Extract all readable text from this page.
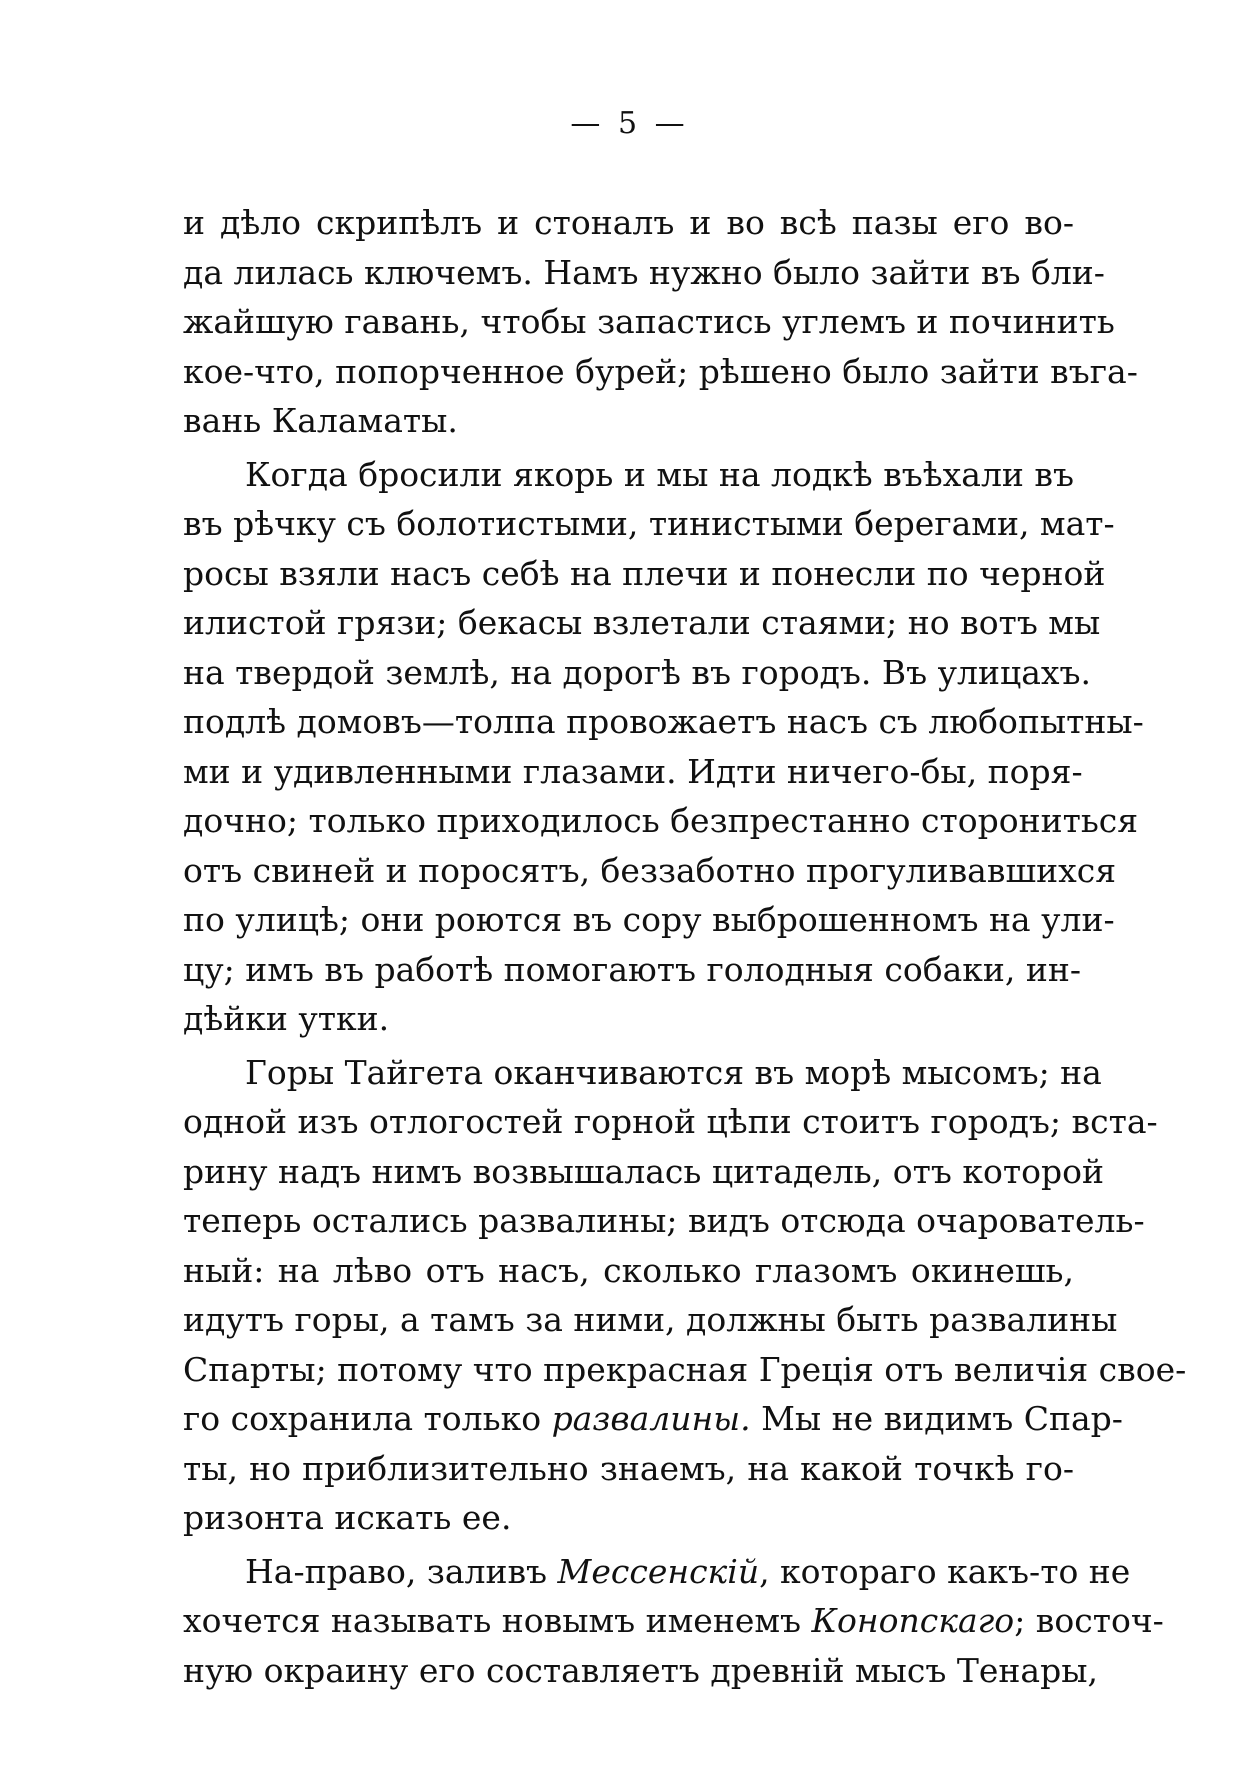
— 5 —
и дѣло скрипѣлъ и стоналъ и во всѣ пазы его во-
да лилась ключемъ. Намъ нужно было зайти въ бли-
жайшую гавань, чтобы запастись углемъ и починить
кое-что, попорченное бурей; рѣшено было зайти въга-
вань Каламаты.
Когда бросили якорь и мы на лодкѣ въѣхали въ
въ рѣчку съ болотистыми, тинистыми берегами, мат-
росы взяли насъ себѣ на плечи и понесли по черной
илистой грязи; бекасы взлетали стаями; но вотъ мы
на твердой землѣ, на дорогѣ въ городъ. Въ улицахъ.
подлѣ домовъ—толпа провожаетъ насъ съ любопытны-
ми и удивленными глазами. Идти ничего-бы, поря-
дочно; только приходилось безпрестанно сторониться
отъ свиней и поросятъ, беззаботно прогуливавшихся
по улицѣ; они роются въ сору выброшенномъ на ули-
цу; имъ въ работѣ помогаютъ голодныя собаки, ин-
дѣйки утки.
Горы Тайгета оканчиваются въ морѣ мысомъ; на
одной изъ отлогостей горной цѣпи стоитъ городъ; вста-
рину надъ нимъ возвышалась цитадель, отъ которой
теперь остались развалины; видъ отсюда очарователь-
ный: на лѣво отъ насъ, сколько глазомъ окинешь,
идутъ горы, а тамъ за ними, должны быть развалины
Спарты; потому что прекрасная Грецiя отъ величiя свое-
го сохранила только развалины. Мы не видимъ Спар-
ты, но приблизительно знаемъ, на какой точкѣ го-
ризонта искать ее.
На-право, заливъ Мессенскiй, котораго какъ-то не
хочется называть новымъ именемъ Конопскаго; восточ-
ную окраину его составляетъ древнiй мысъ Тенары,
